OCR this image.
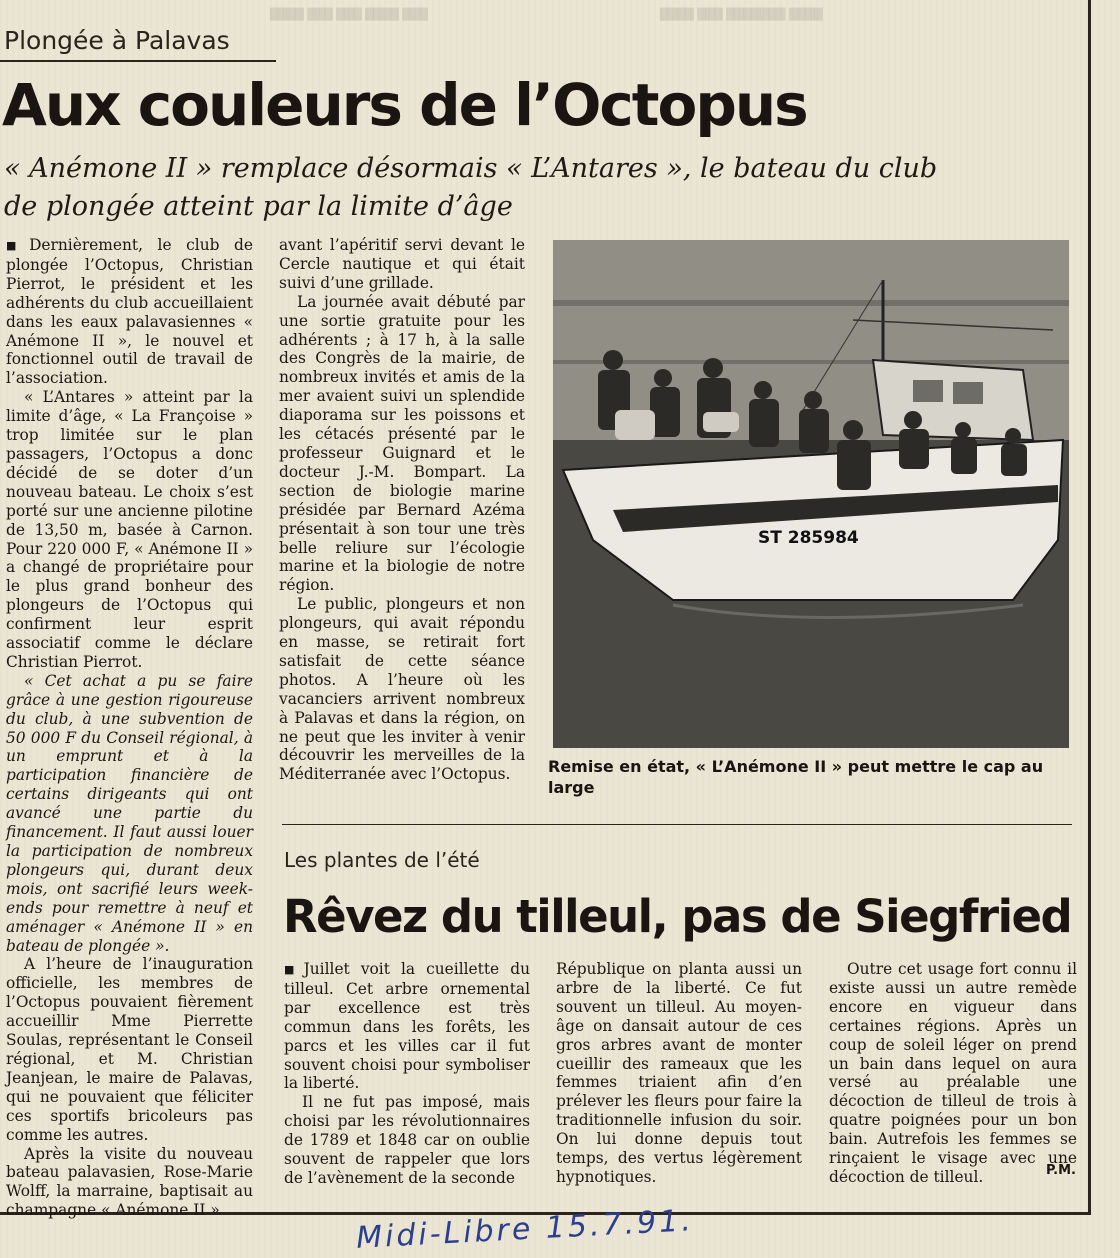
████ ███ ███ ████ ███	████ ███ ███████ ████
Plongée à Palavas
Aux couleurs de l’Octopus
« Anémone II » remplace désormais « L’Antares », le bateau du club de plongée atteint par la limite d’âge

■ Dernièrement, le club de plongée l’Octopus, Christian Pierrot, le président et les adhérents du club accueillaient dans les eaux palavasiennes « Anémone II », le nouvel et fonctionnel outil de travail de l’association.

« L’Antares » atteint par la limite d’âge, « La Françoise » trop limitée sur le plan passagers, l’Octopus a donc décidé de se doter d’un nouveau bateau. Le choix s’est porté sur une ancienne pilotine de 13,50 m, basée à Carnon. Pour 220 000 F, « Anémone II » a changé de propriétaire pour le plus grand bonheur des plongeurs de l’Octopus qui confirment leur esprit associatif comme le déclare Christian Pierrot.

« Cet achat a pu se faire grâce à une gestion rigoureuse du club, à une subvention de 50 000 F du Conseil régional, à un emprunt et à la participation financière de certains dirigeants qui ont avancé une partie du financement. Il faut aussi louer la participation de nombreux plongeurs qui, durant deux mois, ont sacrifié leurs week-ends pour remettre à neuf et aménager « Anémone II » en bateau de plongée ».

A l’heure de l’inauguration officielle, les membres de l’Octopus pouvaient fièrement accueillir Mme Pierrette Soulas, représentant le Conseil régional, et M. Christian Jeanjean, le maire de Palavas, qui ne pouvaient que féliciter ces sportifs bricoleurs pas comme les autres.

Après la visite du nouveau bateau palavasien, Rose-Marie Wolff, la marraine, baptisait au champagne « Anémone II »

avant l’apéritif servi devant le Cercle nautique et qui était suivi d’une grillade.

La journée avait débuté par une sortie gratuite pour les adhérents ; à 17 h, à la salle des Congrès de la mairie, de nombreux invités et amis de la mer avaient suivi un splendide diaporama sur les poissons et les cétacés présenté par le professeur Guignard et le docteur J.-M. Bompart. La section de biologie marine présidée par Bernard Azéma présentait à son tour une très belle reliure sur l’écologie marine et la biologie de notre région.

Le public, plongeurs et non plongeurs, qui avait répondu en masse, se retirait fort satisfait de cette séance photos. A l’heure où les vacanciers arrivent nombreux à Palavas et dans la région, on ne peut que les inviter à venir découvrir les merveilles de la Méditerranée avec l’Octopus.

ST 285984
Remise en état, « L’Anémone II » peut mettre le cap au large
Les plantes de l’été
Rêvez du tilleul, pas de Siegfried

■ Juillet voit la cueillette du tilleul. Cet arbre ornemental par excellence est très commun dans les forêts, les parcs et les villes car il fut souvent choisi pour symboliser la liberté.

Il ne fut pas imposé, mais choisi par les révolutionnaires de 1789 et 1848 car on oublie souvent de rappeler que lors de l’avènement de la seconde

République on planta aussi un arbre de la liberté. Ce fut souvent un tilleul. Au moyen-âge on dansait autour de ces gros arbres avant de monter cueillir des rameaux que les femmes triaient afin d’en prélever les fleurs pour faire la traditionnelle infusion du soir. On lui donne depuis tout temps, des vertus légèrement hypnotiques.

Outre cet usage fort connu il existe aussi un autre remède encore en vigueur dans certaines régions. Après un coup de soleil léger on prend un bain dans lequel on aura versé au préalable une décoction de tilleul de trois à quatre poignées pour un bon bain. Autrefois les femmes se rinçaient le visage avec une décoction de tilleul.	P.M.
Midi-Libre 15.7.91.
